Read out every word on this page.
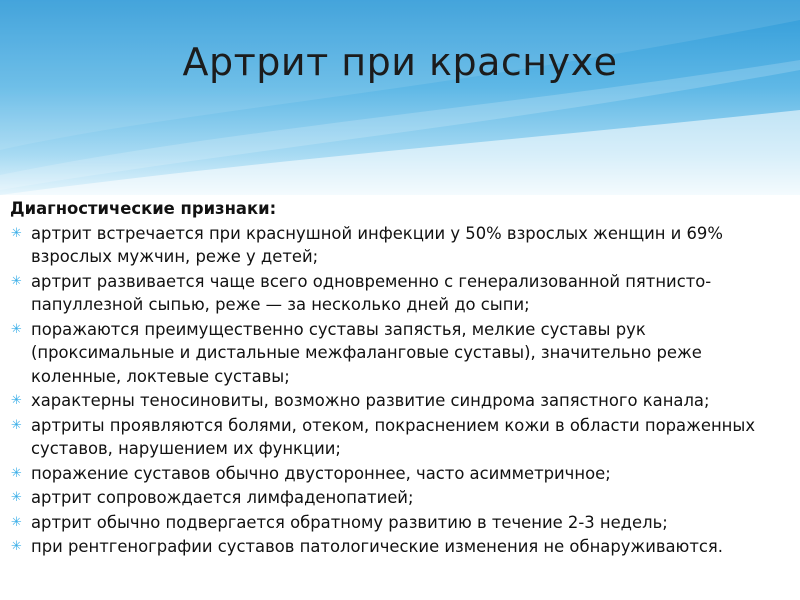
Артрит при краснухе
Диагностические признаки:
✳ артрит встречается при краснушной инфекции у 50% взрослых женщин и 69% взрослых мужчин, реже у детей;
✳ артрит развивается чаще всего одновременно с генерализованной пятнисто-папуллезной сыпью, реже — за несколько дней до сыпи;
✳ поражаются преимущественно суставы запястья, мелкие суставы рук (проксимальные и дистальные межфаланговые суставы), значительно реже коленные, локтевые суставы;
✳ характерны теносиновиты, возможно развитие синдрома запястного канала;
✳ артриты проявляются болями, отеком, покраснением кожи в области пораженных суставов, нарушением их функции;
✳ поражение суставов обычно двустороннее, часто асимметричное;
✳ артрит сопровождается лимфаденопатией;
✳ артрит обычно подвергается обратному развитию в течение 2-3 недель;
✳ при рентгенографии суставов патологические изменения не обнаруживаются.
